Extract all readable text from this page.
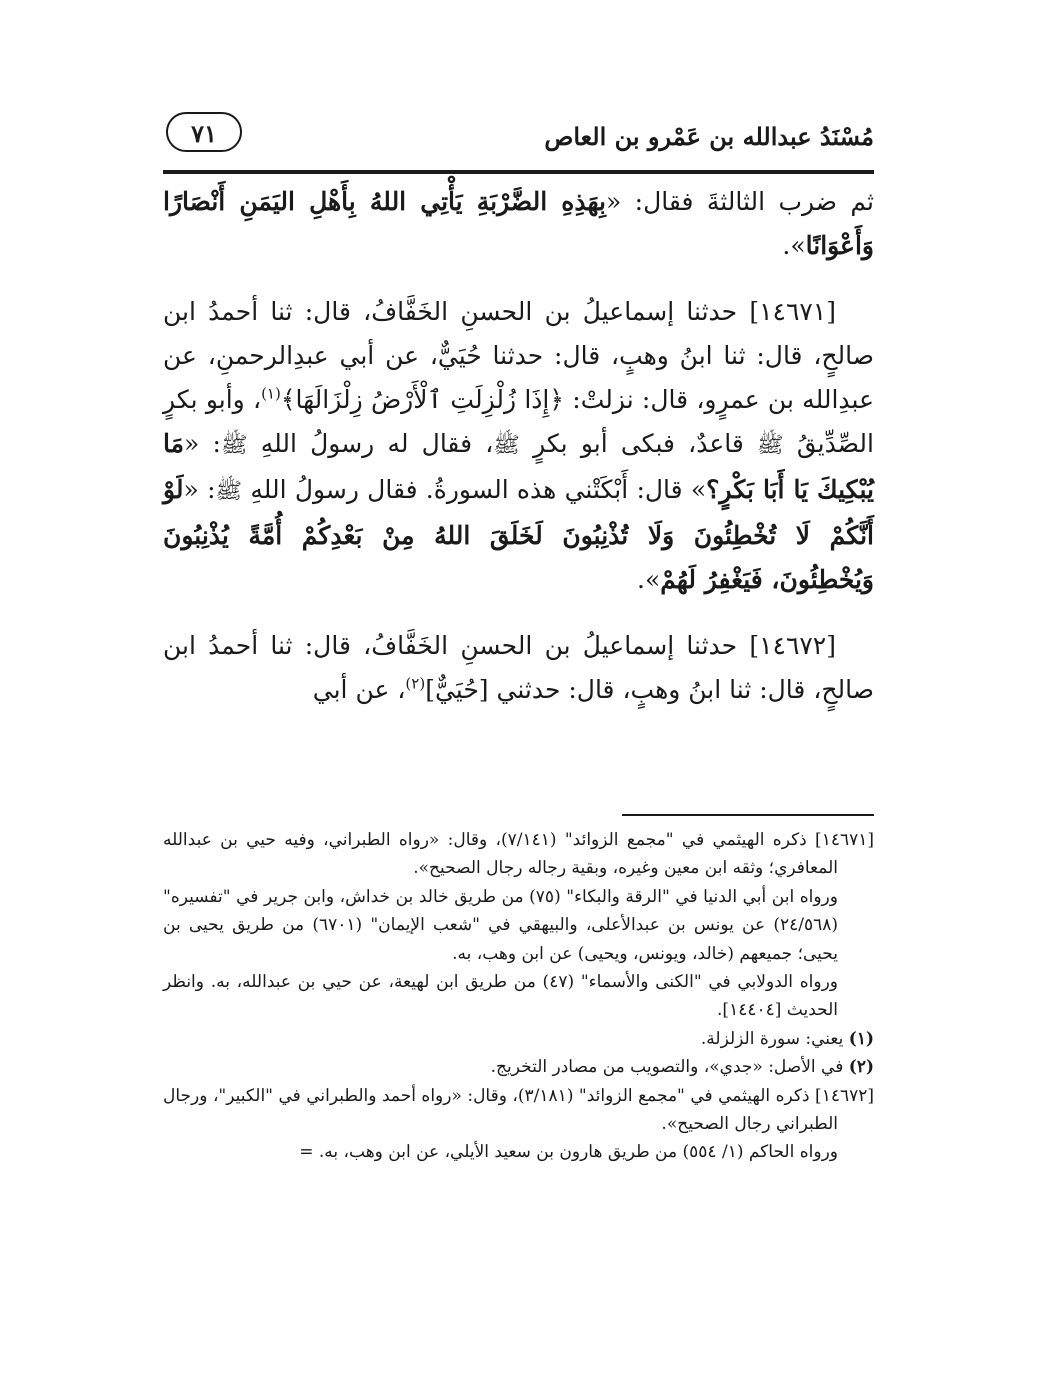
مُسْنَدُ عبدالله بن عَمْرو بن العاص
٧١

ثم ضرب الثالثةَ فقال: «بِهَذِهِ الضَّرْبَةِ يَأْتِي اللهُ بِأَهْلِ اليَمَنِ أَنْصَارًا وَأَعْوَانًا».

[١٤٦٧١] حدثنا إسماعيلُ بن الحسنِ الخَفَّافُ، قال: ثنا أحمدُ ابن صالحٍ، قال: ثنا ابنُ وهبٍ، قال: حدثنا حُيَيٌّ، عن أبي عبدِالرحمنِ، عن عبدِالله بن عمرٍو، قال: نزلتْ: ﴿إِذَا زُلْزِلَتِ ٱلْأَرْضُ زِلْزَالَهَا﴾$^{(١)}$، وأبو بكرٍ الصِّدِّيقُ ﷺ قاعدٌ، فبكى أبو بكرٍ ﷺ، فقال له رسولُ اللهِ ﷺ: «مَا يُبْكِيكَ يَا أَبَا بَكْرٍ؟» قال: أَبْكَتْني هذه السورةُ. فقال رسولُ اللهِ ﷺ: «لَوْ أَنَّكُمْ لَا تُخْطِئُونَ وَلَا تُذْنِبُونَ لَخَلَقَ اللهُ مِنْ بَعْدِكُمْ أُمَّةً يُذْنِبُونَ وَيُخْطِئُونَ، فَيَغْفِرُ لَهُمْ».

[١٤٦٧٢] حدثنا إسماعيلُ بن الحسنِ الخَفَّافُ، قال: ثنا أحمدُ ابن صالحٍ، قال: ثنا ابنُ وهبٍ، قال: حدثني [حُيَيٌّ]$^{(٢)}$، عن أبي

[١٤٦٧١] ذكره الهيثمي في "مجمع الزوائد" (٧/١٤١)، وقال: «رواه الطبراني، وفيه حيي بن عبدالله المعافري؛ وثقه ابن معين وغيره، وبقية رجاله رجال الصحيح».

ورواه ابن أبي الدنيا في "الرقة والبكاء" (٧٥) من طريق خالد بن خداش، وابن جرير في "تفسيره" (٢٤/٥٦٨) عن يونس بن عبدالأعلى، والبيهقي في "شعب الإيمان" (٦٧٠١) من طريق يحيى بن يحيى؛ جميعهم (خالد، ويونس، ويحيى) عن ابن وهب، به.

ورواه الدولابي في "الكنى والأسماء" (٤٧) من طريق ابن لهيعة، عن حيي بن عبدالله، به. وانظر الحديث [١٤٤٠٤].

(١) يعني: سورة الزلزلة.

(٢) في الأصل: «جدي»، والتصويب من مصادر التخريج.

[١٤٦٧٢] ذكره الهيثمي في "مجمع الزوائد" (٣/١٨١)، وقال: «رواه أحمد والطبراني في "الكبير"، ورجال الطبراني رجال الصحيح».

ورواه الحاكم (١/ ٥٥٤) من طريق هارون بن سعيد الأيلي، عن ابن وهب، به. =
